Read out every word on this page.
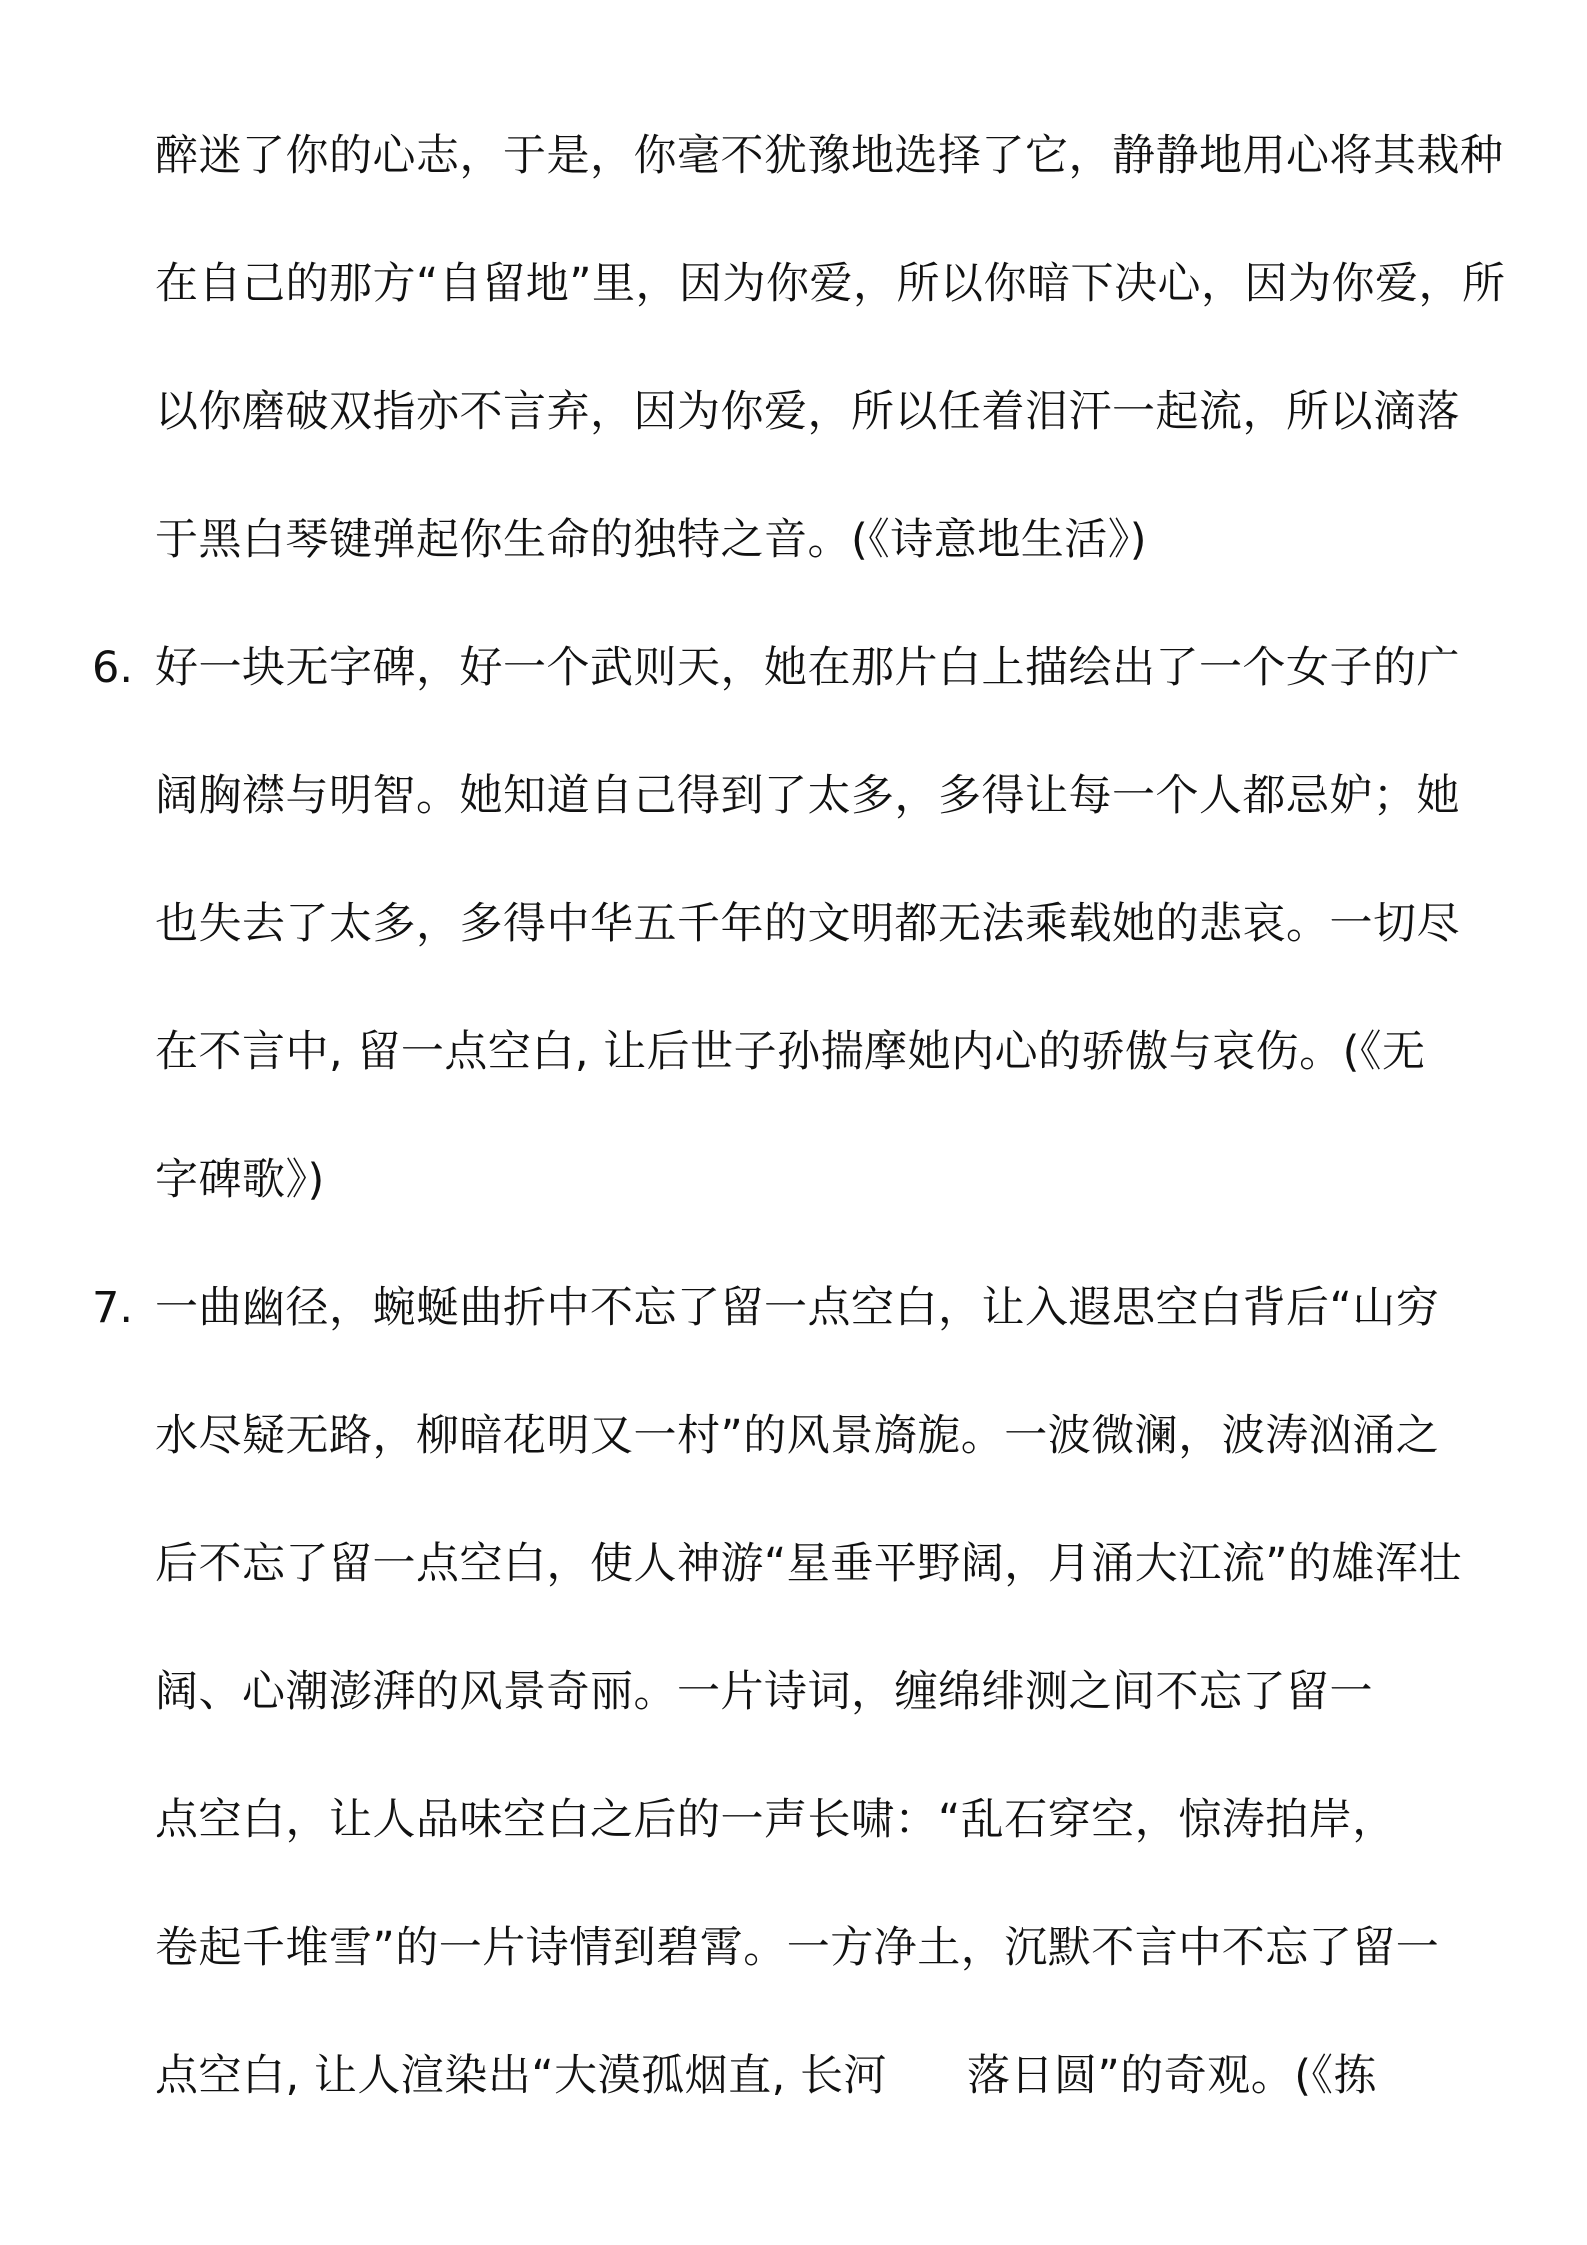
醉迷了你的心志，于是，你毫不犹豫地选择了它，静静地用心将其栽种
在自己的那方“自留地”里，因为你爱，所以你暗下决心，因为你爱，所
以你磨破双指亦不言弃，因为你爱，所以任着泪汗一起流，所以滴落
于黑白琴键弹起你生命的独特之音。(《诗意地生活》)
6. 好一块无字碑，好一个武则天，她在那片白上描绘出了一个女子的广
阔胸襟与明智。她知道自己得到了太多，多得让每一个人都忌妒；她
也失去了太多，多得中华五千年的文明都无法乘载她的悲哀。一切尽
在不言中, 留一点空白, 让后世子孙揣摩她内心的骄傲与哀伤。(《无
字碑歌》)
7. 一曲幽径，蜿蜒曲折中不忘了留一点空白，让入遐思空白背后“山穷
水尽疑无路，柳暗花明又一村”的风景旖旎。一波微澜，波涛汹涌之
后不忘了留一点空白，使人神游“星垂平野阔，月涌大江流”的雄浑壮
阔、心潮澎湃的风景奇丽。一片诗词，缠绵绯测之间不忘了留一
点空白，让人品味空白之后的一声长啸：“乱石穿空，惊涛拍岸，
卷起千堆雪”的一片诗情到碧霄。一方净土，沉默不言中不忘了留一
点空白, 让人渲染出“大漠孤烟直, 长河 落日圆”的奇观。(《拣
